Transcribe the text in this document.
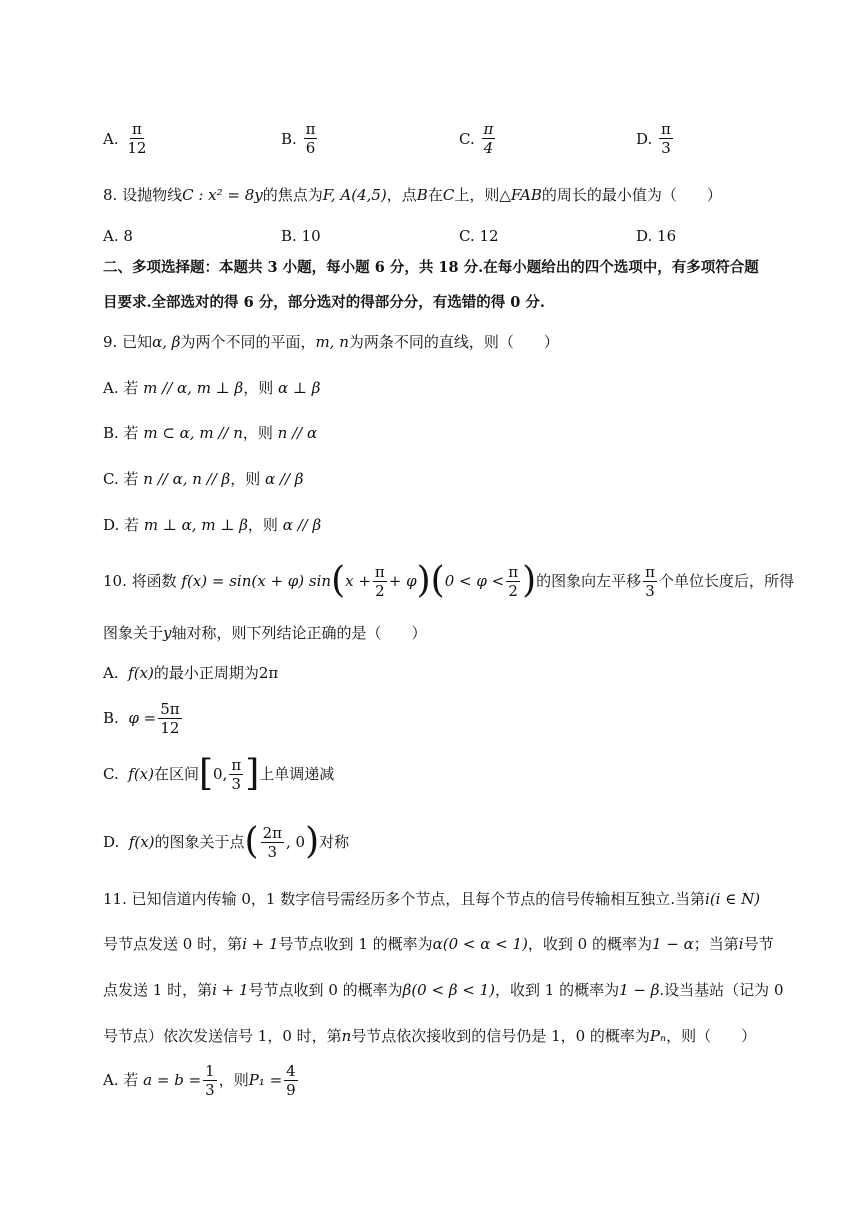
A.
$\frac{\pi}{12}$	B.
$\frac{\pi}{6}$	C.
$\frac{\pi}{4}$	D.
$\frac{\pi}{3}$
8. 设抛物线C : x² = 8y的焦点为F, A(4,5)，点B在C上，则△FAB的周长的最小值为（　　）
A. 8	B. 10	C. 12	D. 16
二、多项选择题：本题共 3 小题，每小题 6 分，共 18 分.在每小题给出的四个选项中，有多项符合题
目要求.全部选对的得 6 分，部分选对的得部分分，有选错的得 0 分.
9. 已知α, β为两个不同的平面，m, n为两条不同的直线，则（　　）
A. 若 m // α, m ⊥ β，则 α ⊥ β
B. 若 m ⊂ α, m // n，则 n // α
C. 若 n // α, n // β，则 α // β
D. 若 m ⊥ α, m ⊥ β，则 α // β
10. 将函数
f(x) = sin(x + φ) sin ( $x + \frac{\pi}{2} + \varphi$ ) ( $0 < \varphi < \frac{\pi}{2}$ ) 的图象向左平移 $\frac{\pi}{3}$ 个单位长度后，所得
图象关于y轴对称，则下列结论正确的是（　　）
A. f(x)的最小正周期为2π
B.
$\varphi = \frac{5\pi}{12}$
C.
f(x) 在区间 [ 0, $\frac{\pi}{3}$ ] 上单调递减
D.
f(x) 的图象关于点 ( $\frac{2\pi}{3}$ , 0 ) 对称
11. 已知信道内传输 0，1 数字信号需经历多个节点，且每个节点的信号传输相互独立.当第i(i ∈ N)
号节点发送 0 时，第i + 1号节点收到 1 的概率为α(0 < α < 1)，收到 0 的概率为1 − α；当第i号节
点发送 1 时，第i + 1号节点收到 0 的概率为β(0 < β < 1)，收到 1 的概率为1 − β.设当基站（记为 0
号节点）依次发送信号 1，0 时，第n号节点依次接收到的信号仍是 1，0 的概率为Pₙ，则（　　）
A. 若
$a = b = \frac{1}{3}$ ，则 $P_1 = \frac{4}{9}$
